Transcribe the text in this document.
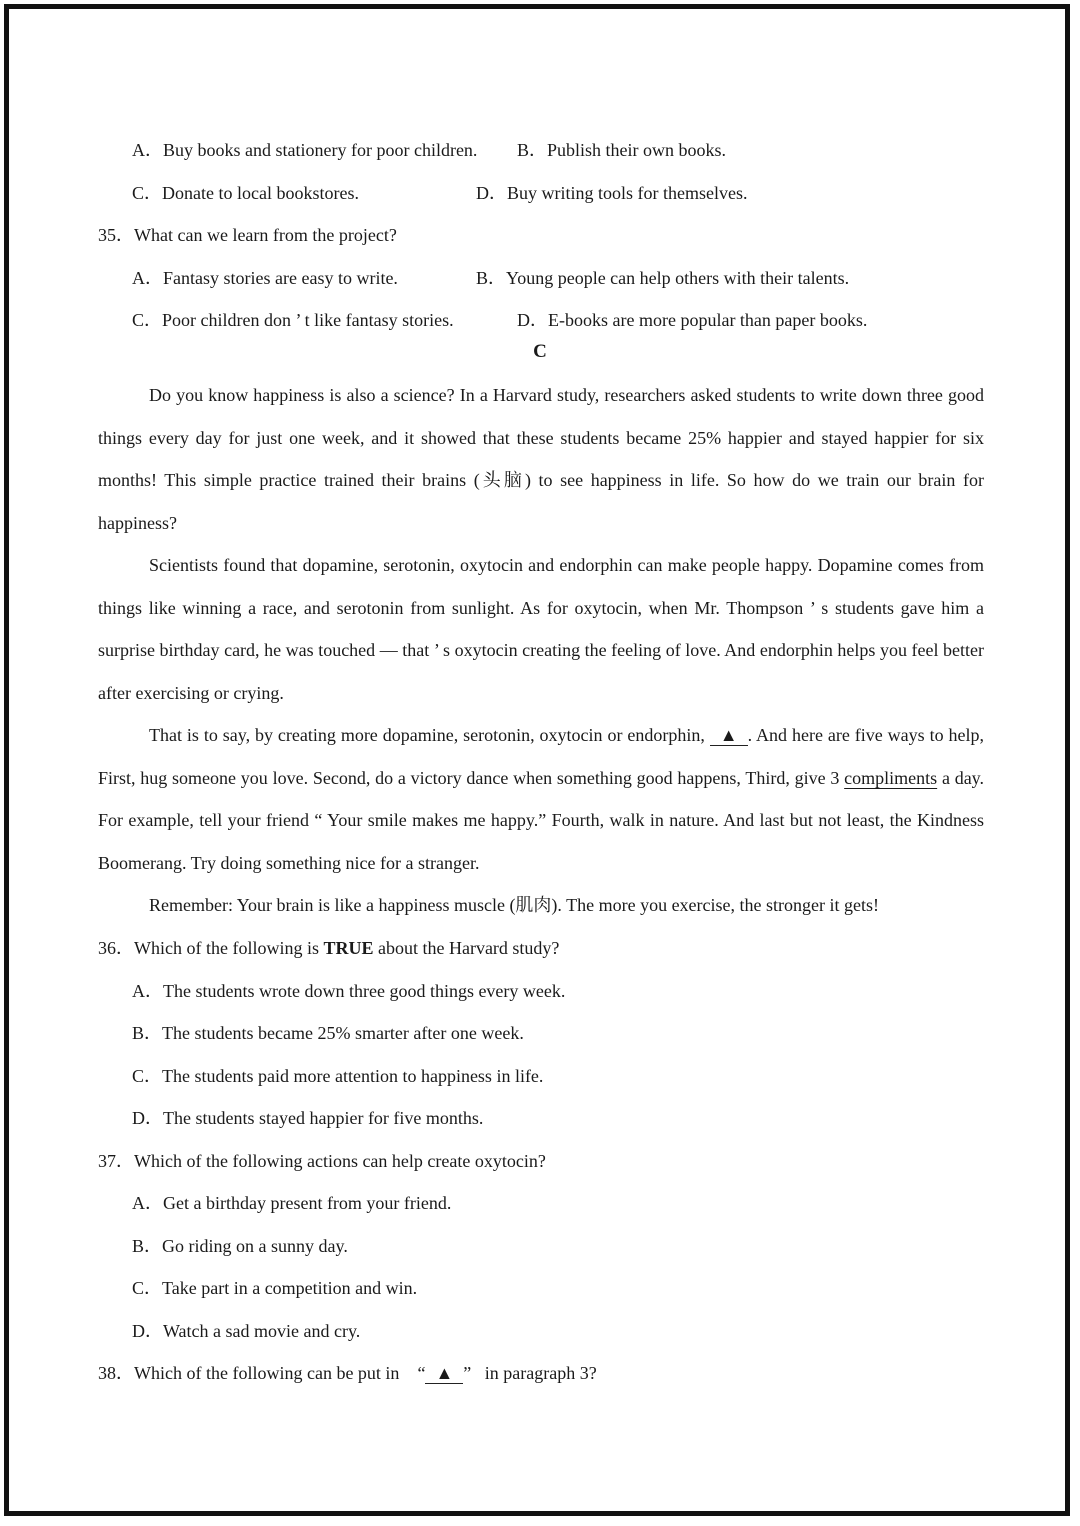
A．Buy books and stationery for poor children. B．Publish their own books.
C．Donate to local bookstores.	D．Buy writing tools for themselves.
35．What can we learn from the project?
A．Fantasy stories are easy to write.	B．Young people can help others with their talents.
C．Poor children don ’ t like fantasy stories.	D．E-books are more popular than paper books.
C

Do you know happiness is also a science? In a Harvard study, researchers asked students to write down three good things every day for just one week, and it showed that these students became 25% happier and stayed happier for six months! This simple practice trained their brains (头脑) to see happiness in life. So how do we train our brain for happiness?

Scientists found that dopamine, serotonin, oxytocin and endorphin can make people happy. Dopamine comes from things like winning a race, and serotonin from sunlight. As for oxytocin, when Mr. Thompson ’ s students gave him a surprise birthday card, he was touched — that ’ s oxytocin creating the feeling of love. And endorphin helps you feel better after exercising or crying.

That is to say, by creating more dopamine, serotonin, oxytocin or endorphin, ▲ . And here are five ways to help, First, hug someone you love. Second, do a victory dance when something good happens, Third, give 3 compliments a day. For example, tell your friend “ Your smile makes me happy.” Fourth, walk in nature. And last but not least, the Kindness Boomerang. Try doing something nice for a stranger.

Remember: Your brain is like a happiness muscle (肌肉). The more you exercise, the stronger it gets!

36．Which of the following is TRUE about the Harvard study?
A．The students wrote down three good things every week.
B．The students became 25% smarter after one week.
C．The students paid more attention to happiness in life.
D．The students stayed happier for five months.
37．Which of the following actions can help create oxytocin?
A．Get a birthday present from your friend.
B．Go riding on a sunny day.
C．Take part in a competition and win.
D．Watch a sad movie and cry.
38．Which of the following can be put in “ ▲ ” in paragraph 3?
